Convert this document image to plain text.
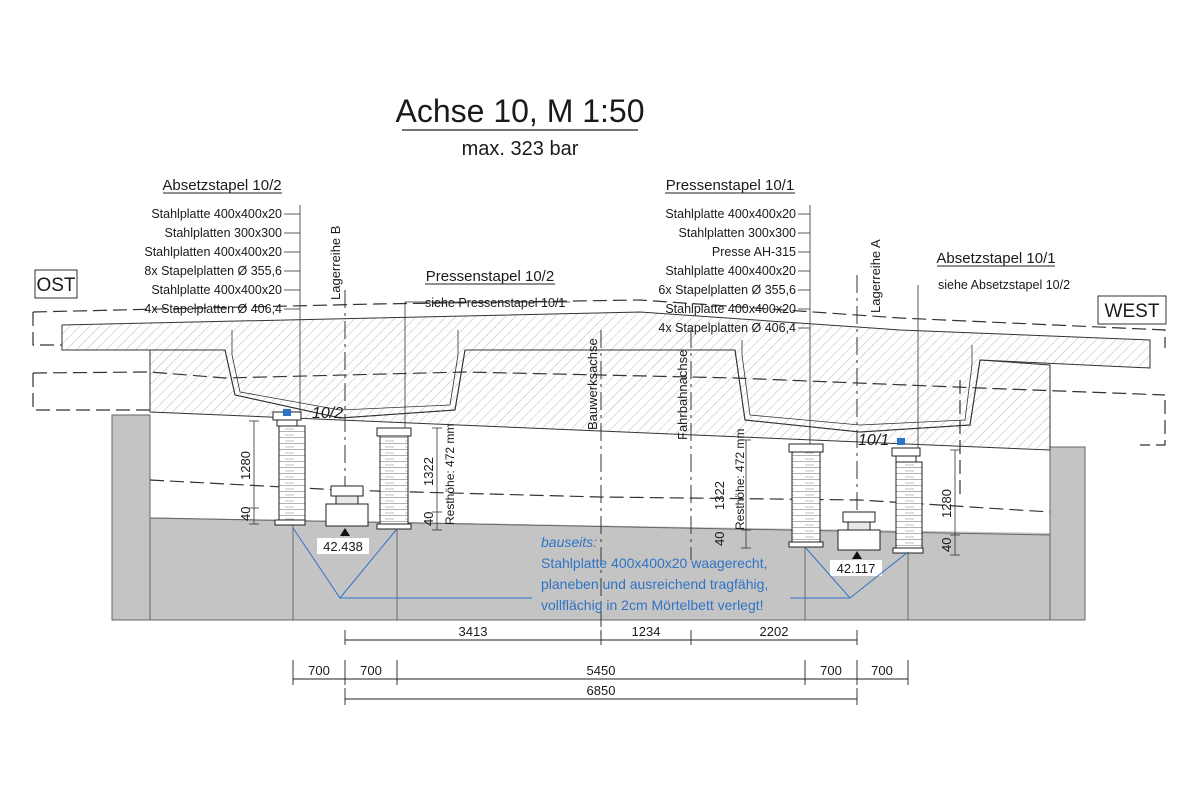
Achse 10, M 1:50
max. 323 bar
OST
WEST
Lagerreihe B	Lagerreihe A
Bauwerksachse	Fahrbahnachse
10/2
10/1
42.438
42.117
1280
40
1322
40 Resthöhe: 472 mm	1322
40
Resthöhe: 472 mm	1280
40
Absetzstapel 10/2
Pressenstapel 10/2
Pressenstapel 10/1
Absetzstapel 10/1
Stahlplatte 400x400x20
Stahlplatten 300x300
Stahlplatten 400x400x20
8x Stapelplatten Ø 355,6
Stahlplatte 400x400x20
4x Stapelplatten Ø 406,4
Stahlplatte 400x400x20
Stahlplatten 300x300
Presse AH-315
Stahlplatte 400x400x20
6x Stapelplatten Ø 355,6
Stahlplatte 400x400x20
4x Stapelplatten Ø 406,4
siehe Pressenstapel 10/1
siehe Absetzstapel 10/2
bauseits:
Stahlplatte 400x400x20 waagerecht,
planeben und ausreichend tragfähig,
vollflächig in 2cm Mörtelbett verlegt!
3413	1234	2202
700 700	5450	700 700
6850
